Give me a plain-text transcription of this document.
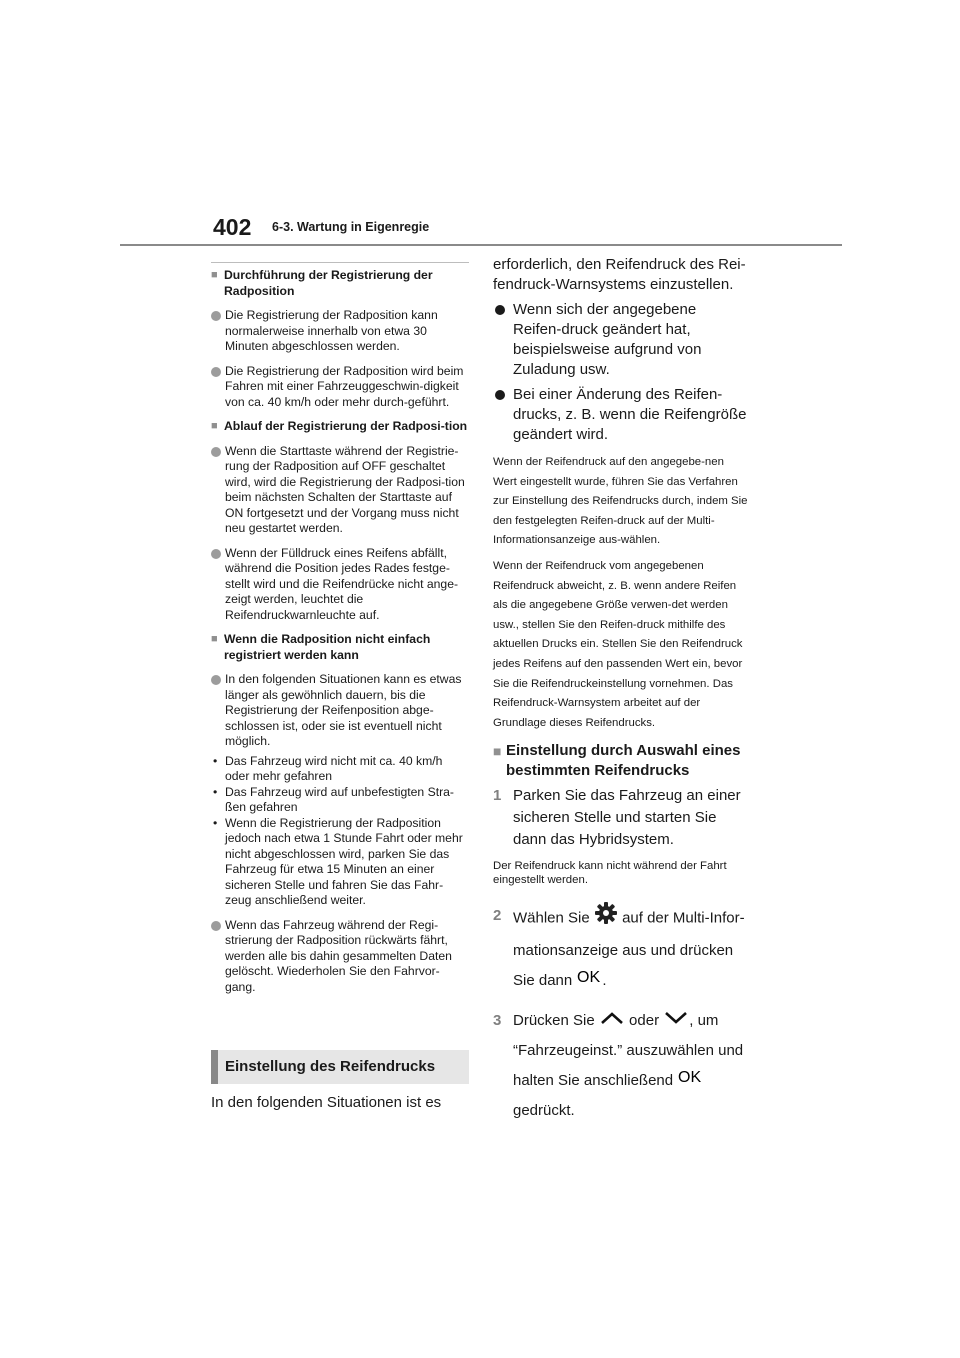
402 6-3. Wartung in Eigenregie
■ Durchführung der Registrierung der Radposition
Die Registrierung der Radposition kann normalerweise innerhalb von etwa 30 Minuten abgeschlossen werden.
Die Registrierung der Radposition wird beim Fahren mit einer Fahrzeuggeschwin-digkeit von ca. 40 km/h oder mehr durch-geführt.
■ Ablauf der Registrierung der Radposi-tion
Wenn die Starttaste während der Registrie-rung der Radposition auf OFF geschaltet wird, wird die Registrierung der Radposi-tion beim nächsten Schalten der Starttaste auf ON fortgesetzt und der Vorgang muss nicht neu gestartet werden.
Wenn der Fülldruck eines Reifens abfällt, während die Position jedes Rades festge-stellt wird und die Reifendrücke nicht ange-zeigt werden, leuchtet die Reifendruckwarnleuchte auf.
■ Wenn die Radposition nicht einfach registriert werden kann
In den folgenden Situationen kann es etwas länger als gewöhnlich dauern, bis die Registrierung der Reifenposition abge-schlossen ist, oder sie ist eventuell nicht möglich.
• Das Fahrzeug wird nicht mit ca. 40 km/h oder mehr gefahren
• Das Fahrzeug wird auf unbefestigten Stra-ßen gefahren
• Wenn die Registrierung der Radposition jedoch nach etwa 1 Stunde Fahrt oder mehr nicht abgeschlossen wird, parken Sie das Fahrzeug für etwa 15 Minuten an einer sicheren Stelle und fahren Sie das Fahr-zeug anschließend weiter.
Wenn das Fahrzeug während der Regi-strierung der Radposition rückwärts fährt, werden alle bis dahin gesammelten Daten gelöscht. Wiederholen Sie den Fahrvor-gang.
Einstellung des Reifendrucks
In den folgenden Situationen ist es

erforderlich, den Reifendruck des Rei-fendruck-Warnsystems einzustellen.

Wenn sich der angegebene Reifen-druck geändert hat, beispielsweise aufgrund von Zuladung usw.
Bei einer Änderung des Reifen-drucks, z. B. wenn die Reifengröße geändert wird.

Wenn der Reifendruck auf den angegebe-nen Wert eingestellt wurde, führen Sie das Verfahren zur Einstellung des Reifendrucks durch, indem Sie den festgelegten Reifen-druck auf der Multi-Informationsanzeige aus-wählen.

Wenn der Reifendruck vom angegebenen Reifendruck abweicht, z. B. wenn andere Reifen als die angegebene Größe verwen-det werden usw., stellen Sie den Reifen-druck mithilfe des aktuellen Drucks ein. Stellen Sie den Reifendruck jedes Reifens auf den passenden Wert ein, bevor Sie die Reifendruckeinstellung vornehmen. Das Reifendruck-Warnsystem arbeitet auf der Grundlage dieses Reifendrucks.

■ Einstellung durch Auswahl eines bestimmten Reifendrucks
1 Parken Sie das Fahrzeug an einer sicheren Stelle und starten Sie dann das Hybridsystem.

Der Reifendruck kann nicht während der Fahrt eingestellt werden.

2 Wählen Sie auf der Multi-Infor-mationsanzeige aus und drücken Sie dann OK .
3 Drücken Sie oder , um “Fahrzeugeinst.” auszuwählen und halten Sie anschließend OK
gedrückt.
